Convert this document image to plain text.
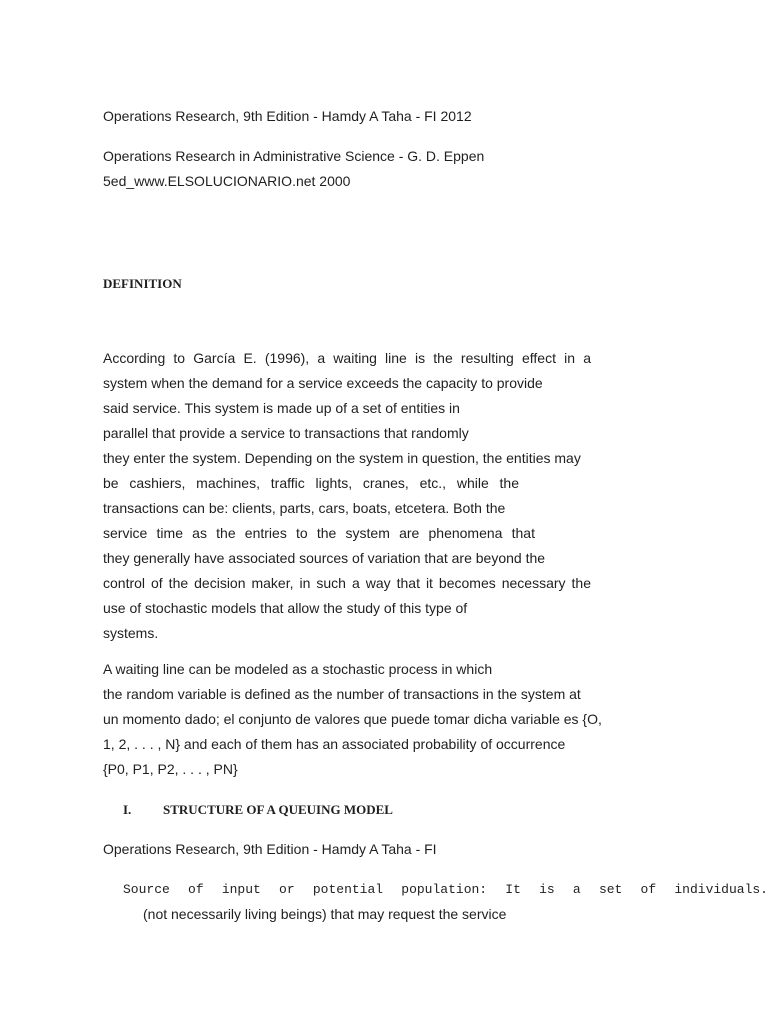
Operations Research, 9th Edition - Hamdy A Taha - FI 2012
Operations Research in Administrative Science - G. D. Eppen
5ed_www.ELSOLUCIONARIO.net 2000
DEFINITION
According to García E. (1996), a waiting line is the resulting effect in a
system when the demand for a service exceeds the capacity to provide
said service. This system is made up of a set of entities in
parallel that provide a service to transactions that randomly
they enter the system. Depending on the system in question, the entities may
be cashiers, machines, traffic lights, cranes, etc., while the
transactions can be: clients, parts, cars, boats, etcetera. Both the
service time as the entries to the system are phenomena that
they generally have associated sources of variation that are beyond the
control of the decision maker, in such a way that it becomes necessary the
use of stochastic models that allow the study of this type of
systems.
A waiting line can be modeled as a stochastic process in which
the random variable is defined as the number of transactions in the system at
un momento dado; el conjunto de valores que puede tomar dicha variable es {O,
1, 2, . . . , N} and each of them has an associated probability of occurrence
{P0, P1, P2, . . . , PN}
I. STRUCTURE OF A QUEUING MODEL
Operations Research, 9th Edition - Hamdy A Taha - FI
Source of input or potential population: It is a set of individuals.
(not necessarily living beings) that may request the service
